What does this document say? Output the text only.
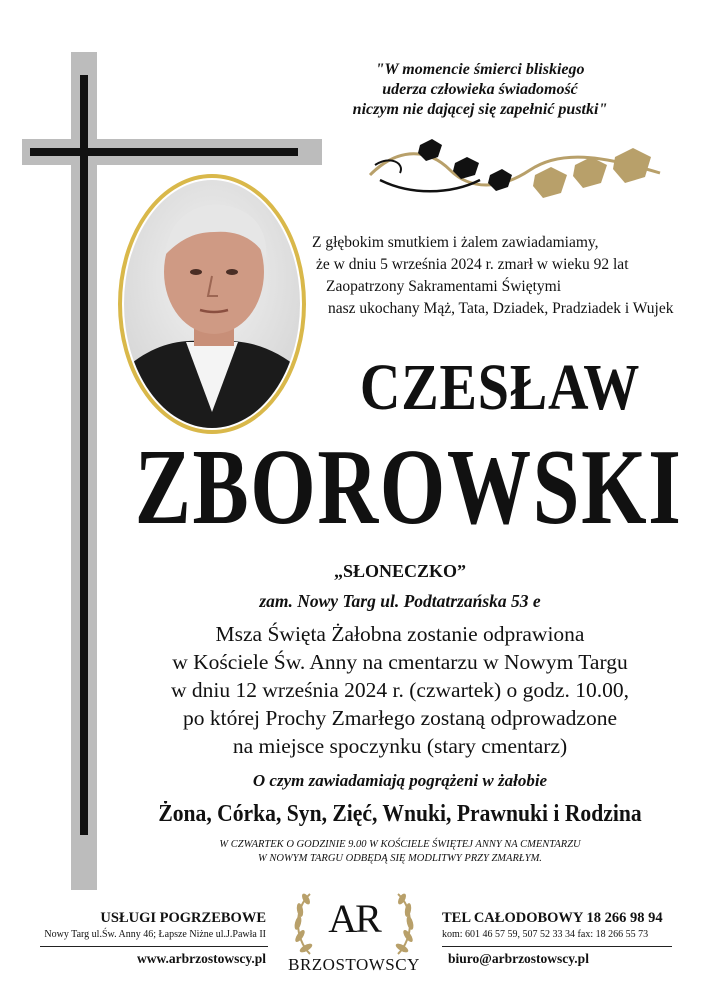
"W momencie śmierci bliskiego
uderza człowieka świadomość
niczym nie dającej się zapełnić pustki"
Z głębokim smutkiem i żalem zawiadamiamy,
że w dniu 5 września 2024 r. zmarł w wieku 92 lat
Zaopatrzony Sakramentami Świętymi
nasz ukochany Mąż, Tata, Dziadek, Pradziadek i Wujek
CZESŁAW
ZBOROWSKI
„SŁONECZKO”
zam. Nowy Targ ul. Podtatrzańska 53 e
Msza Święta Żałobna zostanie odprawiona
w Kościele Św. Anny na cmentarzu w Nowym Targu
w dniu 12 września 2024 r. (czwartek) o godz. 10.00,
po której Prochy Zmarłego zostaną odprowadzone
na miejsce spoczynku (stary cmentarz)
O czym zawiadamiają pogrążeni w żałobie
Żona, Córka, Syn, Zięć, Wnuki, Prawnuki i Rodzina
W CZWARTEK O GODZINIE 9.00 W KOŚCIELE ŚWIĘTEJ ANNY NA CMENTARZU
W NOWYM TARGU ODBĘDĄ SIĘ MODLITWY PRZY ZMARŁYM.
USŁUGI POGRZEBOWE
Nowy Targ ul.Św. Anny 46; Łapsze Niżne ul.J.Pawła II
www.arbrzostowscy.pl
AR
BRZOSTOWSCY
TEL CAŁODOBOWY 18 266 98 94
kom: 601 46 57 59, 507 52 33 34 fax: 18 266 55 73
biuro@arbrzostowscy.pl
